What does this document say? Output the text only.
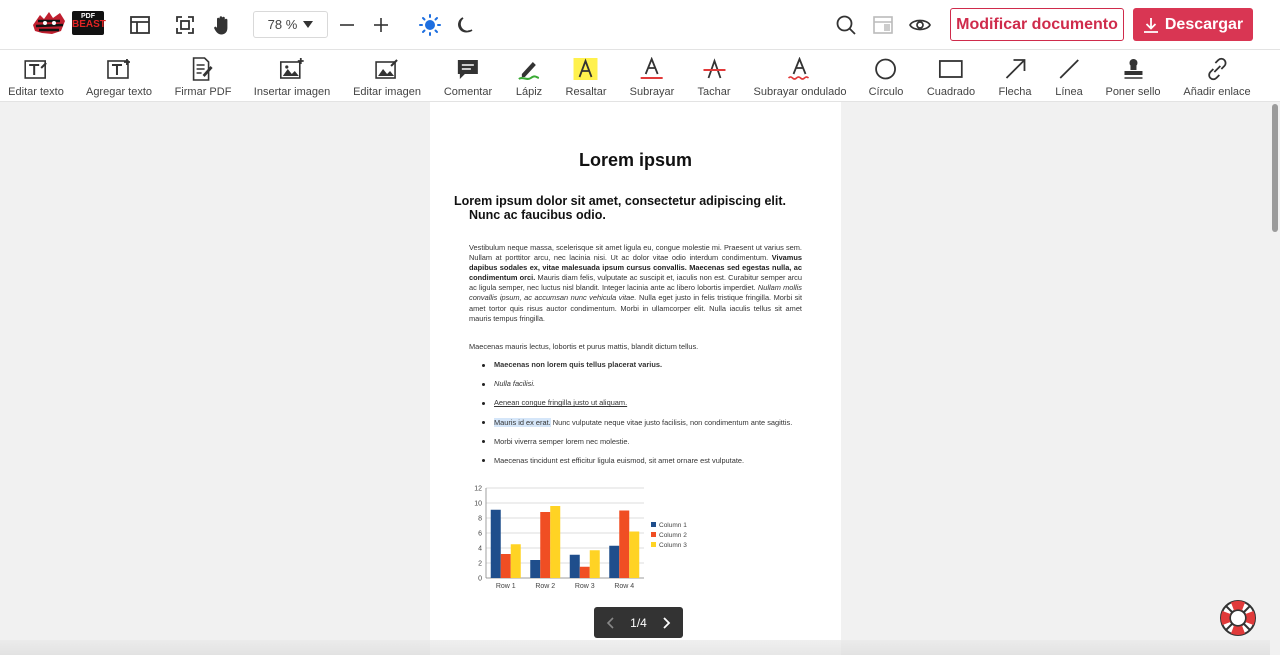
PDF
BEAST	78 %	Modificar documento	Descargar
Editar texto Agregar texto Firmar PDF Insertar imagen Editar imagen Comentar Lápiz Resaltar Subrayar Tachar Subrayar ondulado Círculo Cuadrado Flecha Línea Poner sello Añadir enlace
Lorem ipsum
Lorem ipsum dolor sit amet, consectetur adipiscing elit.
Nunc ac faucibus odio.
Vestibulum neque massa, scelerisque sit amet ligula eu, congue molestie mi. Praesent ut varius sem. Nullam at porttitor arcu, nec lacinia nisi. Ut ac dolor vitae odio interdum condimentum. Vivamus dapibus sodales ex, vitae malesuada ipsum cursus convallis. Maecenas sed egestas nulla, ac condimentum orci. Mauris diam felis, vulputate ac suscipit et, iaculis non est. Curabitur semper arcu ac ligula semper, nec luctus nisl blandit. Integer lacinia ante ac libero lobortis imperdiet. Nullam mollis convallis ipsum, ac accumsan nunc vehicula vitae. Nulla eget justo in felis tristique fringilla. Morbi sit amet tortor quis risus auctor condimentum. Morbi in ullamcorper elit. Nulla iaculis tellus sit amet mauris tempus fringilla.
Maecenas mauris lectus, lobortis et purus mattis, blandit dictum tellus.
Maecenas non lorem quis tellus placerat varius.
Nulla facilisi.
Aenean congue fringilla justo ut aliquam.
Mauris id ex erat. Nunc vulputate neque vitae justo facilisis, non condimentum ante sagittis.
Morbi viverra semper lorem nec molestie.
Maecenas tincidunt est efficitur ligula euismod, sit amet ornare est vulputate.
0
2
4
6
8
10
12
Row 1	Row 2	Row 3	Row 4
Column 1
Column 2
Column 3
1/4
